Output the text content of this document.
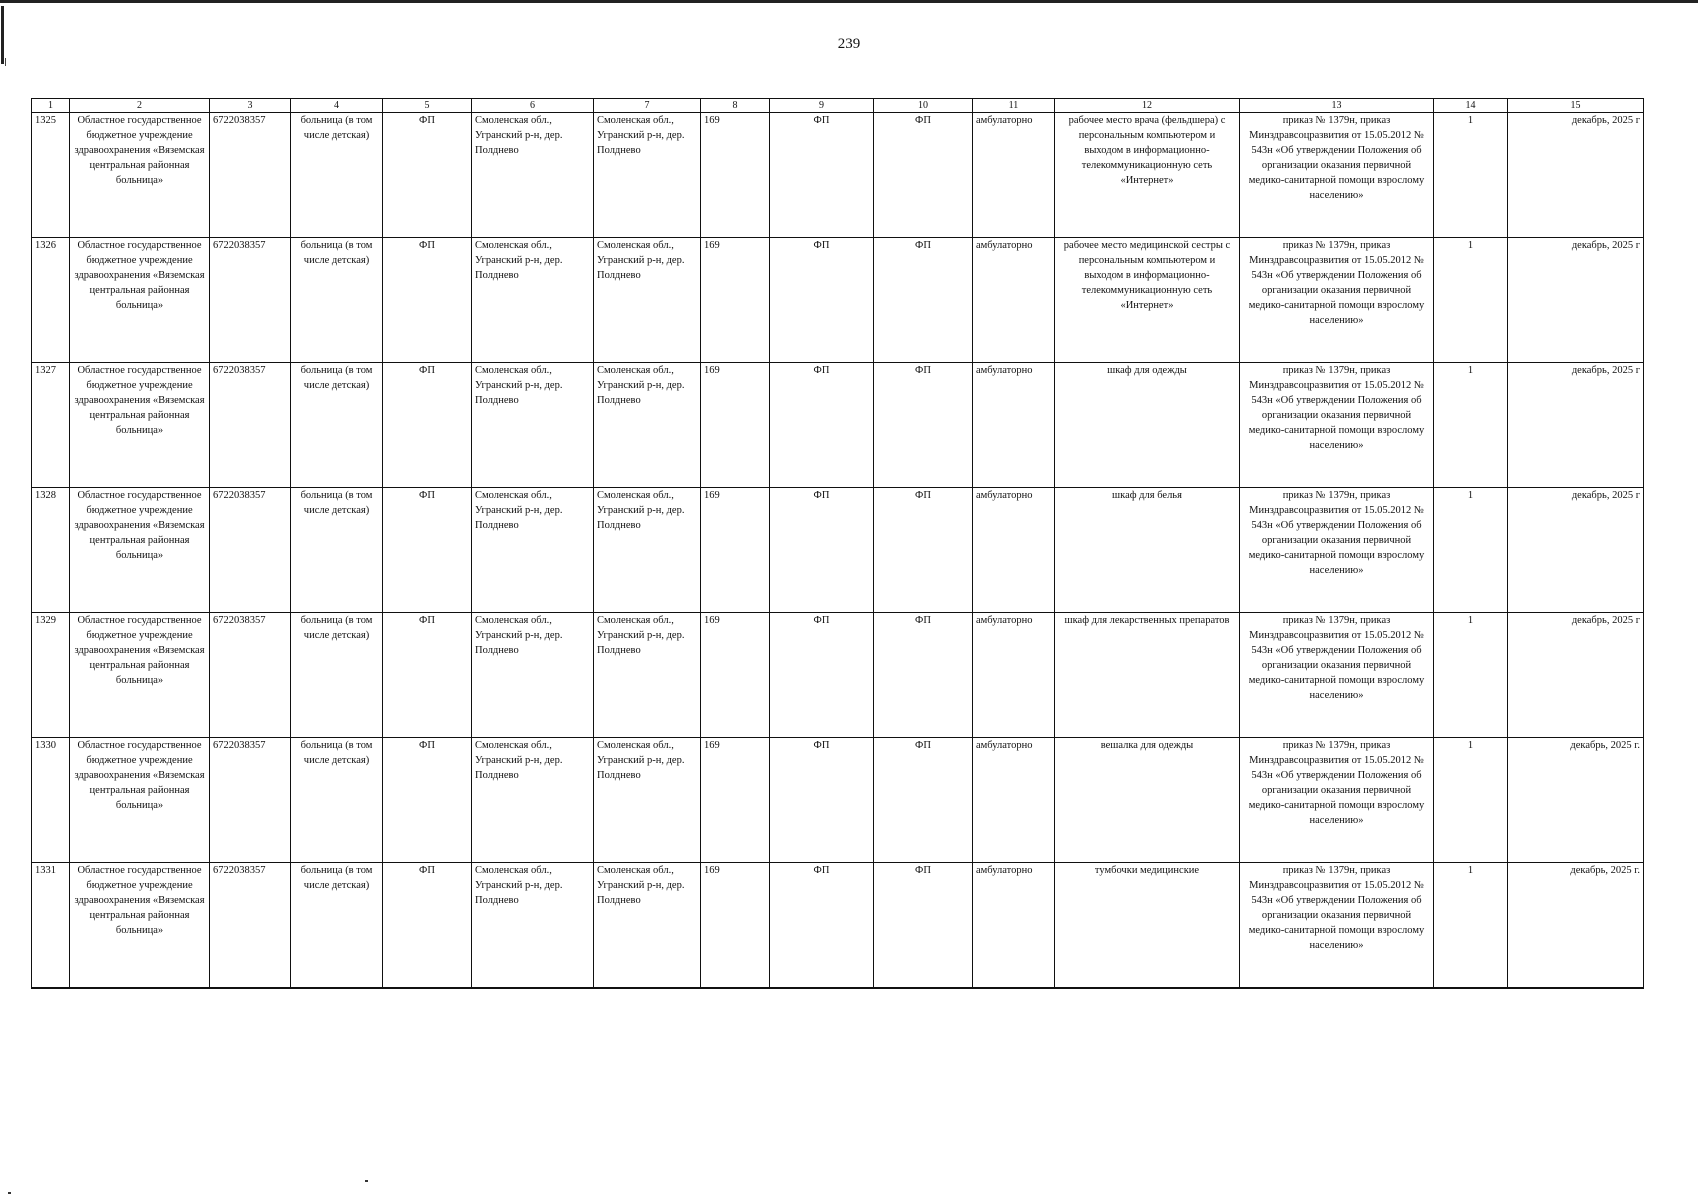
239
1	2	3	4	5	6	7	8	9	10	11	12	13	14	15
1325	Областное государственное бюджетное учреждение здравоохранения «Вяземская центральная районная больница»	6722038357	больница (в том числе детская)	ФП	Смоленская обл., Угранский р-н, дер. Полднево	Смоленская обл., Угранский р-н, дер. Полднево	169	ФП	ФП	амбулаторно	рабочее место врача (фельдшера) с персональным компьютером и выходом в информационно-телекоммуникационную сеть «Интернет»	приказ № 1379н, приказ Минздравсоцразвития от 15.05.2012 № 543н «Об утверждении Положения об организации оказания первичной медико-санитарной помощи взрослому населению»	1	декабрь, 2025 г
1326	Областное государственное бюджетное учреждение здравоохранения «Вяземская центральная районная больница»	6722038357	больница (в том числе детская)	ФП	Смоленская обл., Угранский р-н, дер. Полднево	Смоленская обл., Угранский р-н, дер. Полднево	169	ФП	ФП	амбулаторно	рабочее место медицинской сестры с персональным компьютером и выходом в информационно-телекоммуникационную сеть «Интернет»	приказ № 1379н, приказ Минздравсоцразвития от 15.05.2012 № 543н «Об утверждении Положения об организации оказания первичной медико-санитарной помощи взрослому населению»	1	декабрь, 2025 г
1327	Областное государственное бюджетное учреждение здравоохранения «Вяземская центральная районная больница»	6722038357	больница (в том числе детская)	ФП	Смоленская обл., Угранский р-н, дер. Полднево	Смоленская обл., Угранский р-н, дер. Полднево	169	ФП	ФП	амбулаторно	шкаф для одежды	приказ № 1379н, приказ Минздравсоцразвития от 15.05.2012 № 543н «Об утверждении Положения об организации оказания первичной медико-санитарной помощи взрослому населению»	1	декабрь, 2025 г
1328	Областное государственное бюджетное учреждение здравоохранения «Вяземская центральная районная больница»	6722038357	больница (в том числе детская)	ФП	Смоленская обл., Угранский р-н, дер. Полднево	Смоленская обл., Угранский р-н, дер. Полднево	169	ФП	ФП	амбулаторно	шкаф для белья	приказ № 1379н, приказ Минздравсоцразвития от 15.05.2012 № 543н «Об утверждении Положения об организации оказания первичной медико-санитарной помощи взрослому населению»	1	декабрь, 2025 г
1329	Областное государственное бюджетное учреждение здравоохранения «Вяземская центральная районная больница»	6722038357	больница (в том числе детская)	ФП	Смоленская обл., Угранский р-н, дер. Полднево	Смоленская обл., Угранский р-н, дер. Полднево	169	ФП	ФП	амбулаторно	шкаф для лекарственных препаратов	приказ № 1379н, приказ Минздравсоцразвития от 15.05.2012 № 543н «Об утверждении Положения об организации оказания первичной медико-санитарной помощи взрослому населению»	1	декабрь, 2025 г
1330	Областное государственное бюджетное учреждение здравоохранения «Вяземская центральная районная больница»	6722038357	больница (в том числе детская)	ФП	Смоленская обл., Угранский р-н, дер. Полднево	Смоленская обл., Угранский р-н, дер. Полднево	169	ФП	ФП	амбулаторно	вешалка для одежды	приказ № 1379н, приказ Минздравсоцразвития от 15.05.2012 № 543н «Об утверждении Положения об организации оказания первичной медико-санитарной помощи взрослому населению»	1	декабрь, 2025 г.
1331	Областное государственное бюджетное учреждение здравоохранения «Вяземская центральная районная больница»	6722038357	больница (в том числе детская)	ФП	Смоленская обл., Угранский р-н, дер. Полднево	Смоленская обл., Угранский р-н, дер. Полднево	169	ФП	ФП	амбулаторно	тумбочки медицинские	приказ № 1379н, приказ Минздравсоцразвития от 15.05.2012 № 543н «Об утверждении Положения об организации оказания первичной медико-санитарной помощи взрослому населению»	1	декабрь, 2025 г.
